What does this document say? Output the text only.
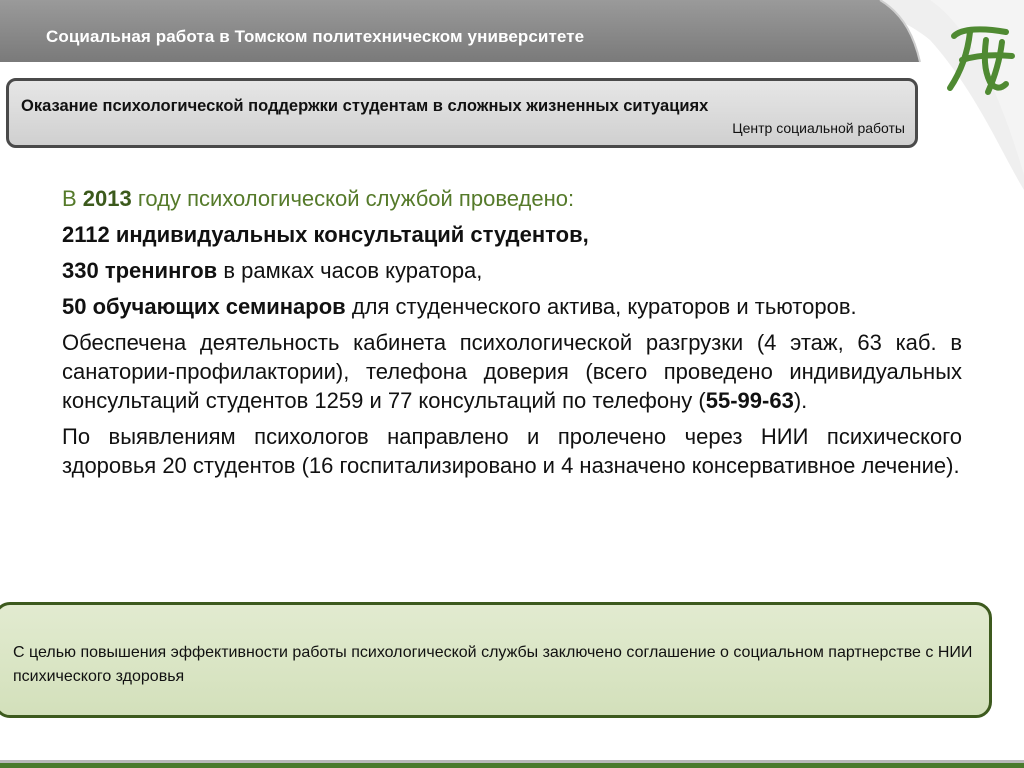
Социальная работа в Томском политехническом университете
ТПУ
Оказание психологической поддержки студентам в сложных жизненных ситуациях
Центр социальной работы

В 2013 году психологической службой проведено:

2112 индивидуальных консультаций студентов,

330 тренингов в рамках часов куратора,

50 обучающих семинаров для студенческого актива, кураторов и тьюторов.

Обеспечена деятельность кабинета психологической разгрузки (4 этаж, 63 каб. в санатории-профилактории), телефона доверия (всего проведено индивидуальных консультаций студентов 1259 и 77 консультаций по телефону (55-99-63).

По выявлениям психологов направлено и пролечено через НИИ психического здоровья 20 студентов (16 госпитализировано и 4 назначено консервативное лечение).

С целью повышения эффективности работы психологической службы заключено соглашение о социальном партнерстве с НИИ психического здоровья
